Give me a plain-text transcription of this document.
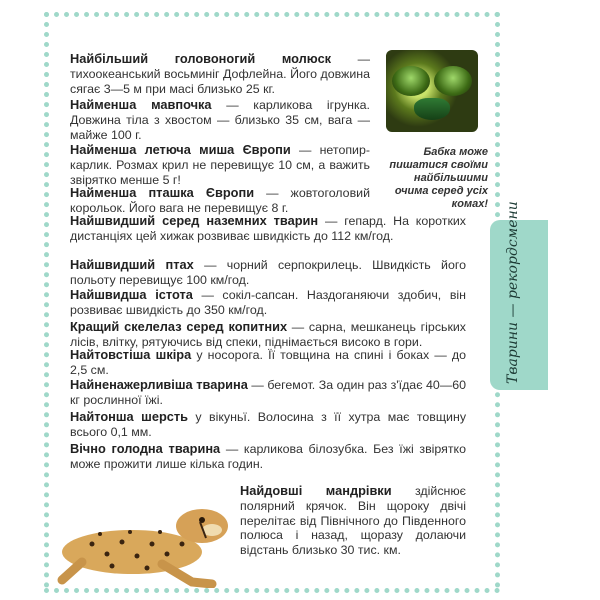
Тварини — рекордсмени
Бабка може пишатися своїми найбільшими очима серед усіх комах!
Найбільший головоногий молюск — тихоокеанський восьминіг Дофлейна. Його довжина сягає 3—5 м при масі близько 25 кг.
Найменша мавпочка — карликова ігрунка. Довжина тіла з хвостом — близько 35 см, вага — майже 100 г.
Найменша летюча миша Європи — нетопир-карлик. Розмах крил не перевищує 10 см, а важить звірятко менше 5 г!
Найменша пташка Європи — жовтоголовий корольок. Його вага не перевищує 8 г.
Найшвидший серед наземних тварин — гепард. На коротких дистанціях цей хижак розвиває швидкість до 112 км/год.
Найшвидший птах — чорний серпокрилець. Швидкість його польоту перевищує 100 км/год.
Найшвидша істота — сокіл-сапсан. Наздоганяючи здобич, він розвиває швидкість до 350 км/год.
Кращий скелелаз серед копитних — сарна, мешканець гірських лісів, влітку, рятуючись від спеки, піднімається високо в гори.
Найтовстіша шкіра у носорога. Її товщина на спині і боках — до 2,5 см.
Найненажерливіша тварина — бегемот. За один раз з'їдає 40—60 кг рослинної їжі.
Найтонша шерсть у вікуньї. Волосина з її хутра має товщину всього 0,1 мм.
Вічно голодна тварина — карликова білозубка. Без їжі звірятко може прожити лише кілька годин.
Найдовші мандрівки здійснює полярний крячок. Він щороку двічі перелітає від Північного до Південного полюса і назад, щоразу долаючи відстань близько 30 тис. км.
